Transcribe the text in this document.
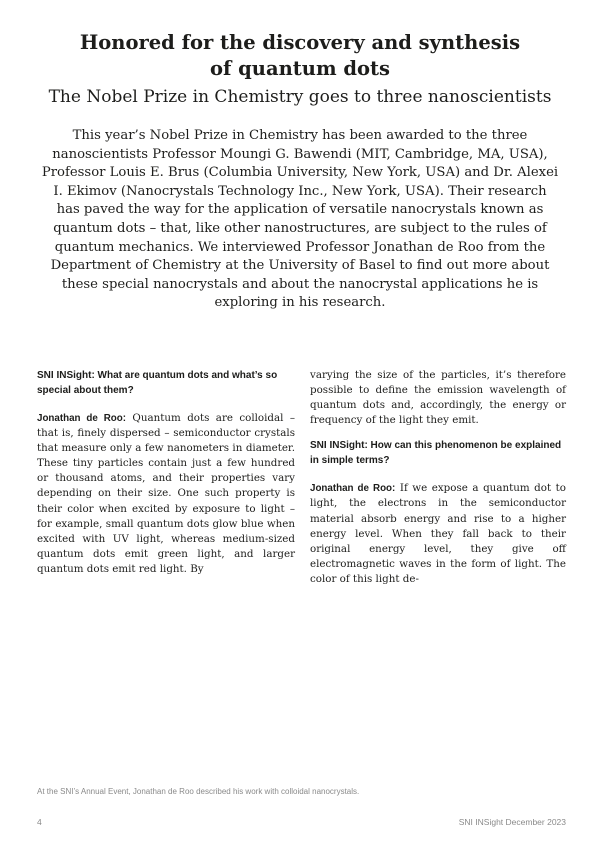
Honored for the discovery and synthesis
of quantum dots
The Nobel Prize in Chemistry goes to three nanoscientists
This year’s Nobel Prize in Chemistry has been awarded to the three nanoscientists Professor Moungi G. Bawendi (MIT, Cambridge, MA, USA), Professor Louis E. Brus (Columbia University, New York, USA) and Dr. Alexei I. Ekimov (Nanocrystals Technology Inc., New York, USA). Their research has paved the way for the application of versatile nanocrystals known as quantum dots – that, like other nanostructures, are subject to the rules of quantum mechanics. We interviewed Professor Jonathan de Roo from the Department of Chemistry at the University of Basel to find out more about these special nanocrystals and about the nanocrystal applications he is exploring in his research.

SNI INSight: What are quantum dots and what’s so special about them?

Jonathan de Roo: Quantum dots are colloidal – that is, finely dispersed – semiconductor crystals that measure only a few nanometers in diameter. These tiny particles contain just a few hundred or thousand atoms, and their properties vary depending on their size. One such property is their color when excited by exposure to light – for example, small quantum dots glow blue when excited with UV light, whereas medium-sized quantum dots emit green light, and larger quantum dots emit red light. By

varying the size of the particles, it’s therefore possible to define the emission wavelength of quantum dots and, accordingly, the energy or frequency of the light they emit.

SNI INSight: How can this phenomenon be explained in simple terms?

Jonathan de Roo: If we expose a quantum dot to light, the electrons in the semiconductor material absorb energy and rise to a higher energy level. When they fall back to their original energy level, they give off electromagnetic waves in the form of light. The color of this light de-

At the SNI’s Annual Event, Jonathan de Roo described his work with colloidal nanocrystals.
4	SNI INSight December 2023
